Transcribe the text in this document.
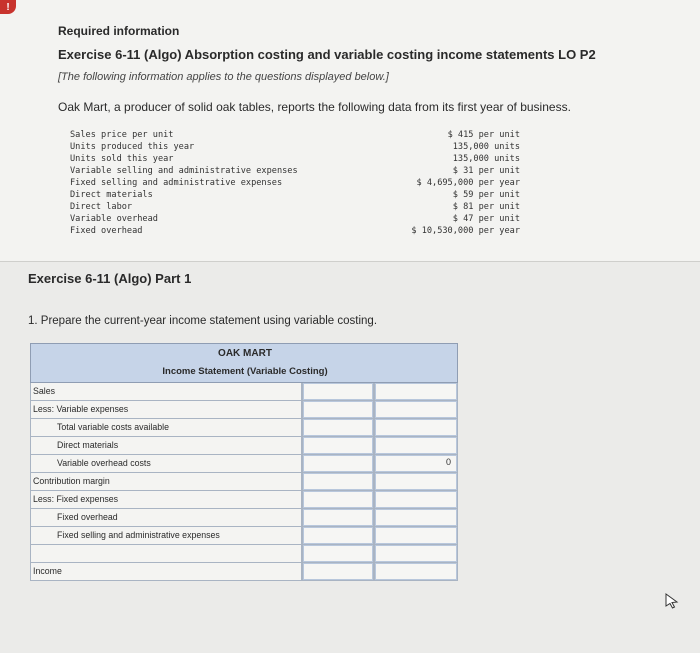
!
Required information
Exercise 6-11 (Algo) Absorption costing and variable costing income statements LO P2
[The following information applies to the questions displayed below.]
Oak Mart, a producer of solid oak tables, reports the following data from its first year of business.
Sales price per unit	$ 415 per unit
Units produced this year	135,000 units
Units sold this year	135,000 units
Variable selling and administrative expenses	$ 31 per unit
Fixed selling and administrative expenses	$ 4,695,000 per year
Direct materials	$ 59 per unit
Direct labor	$ 81 per unit
Variable overhead	$ 47 per unit
Fixed overhead	$ 10,530,000 per year
Exercise 6-11 (Algo) Part 1
1. Prepare the current-year income statement using variable costing.
OAK MART
Income Statement (Variable Costing)
Sales
Less: Variable expenses
Total variable costs available
Direct materials
Variable overhead costs	0
Contribution margin
Less: Fixed expenses
Fixed overhead
Fixed selling and administrative expenses
Income
